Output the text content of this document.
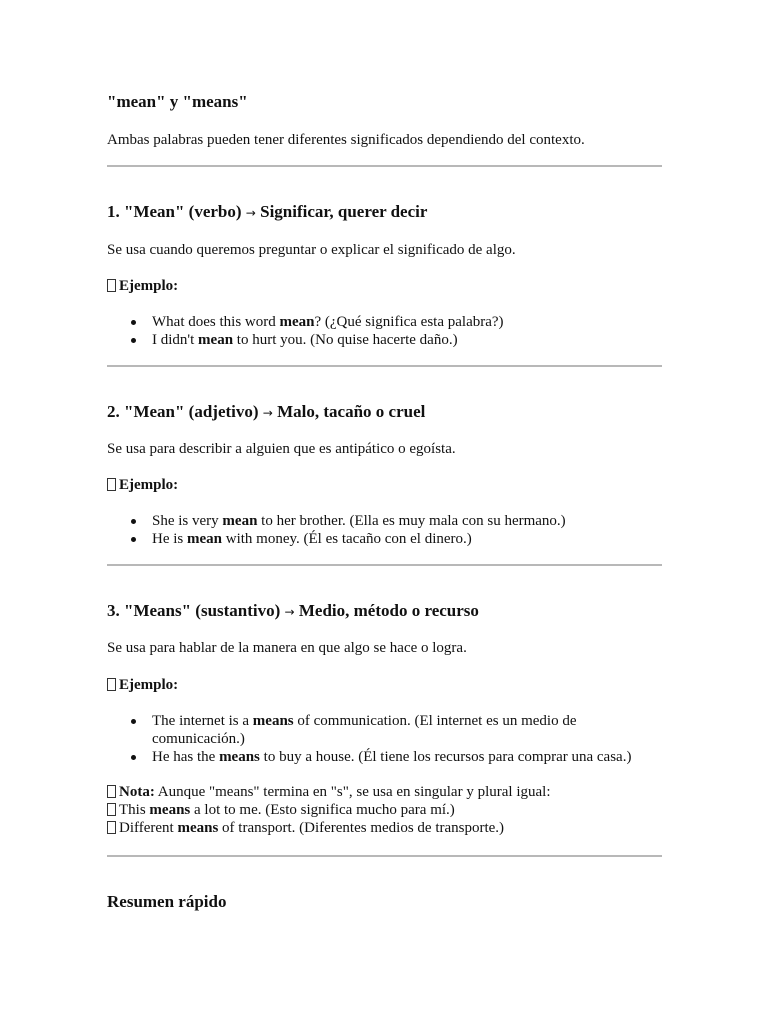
"mean" y "means"

Ambas palabras pueden tener diferentes significados dependiendo del contexto.

1. "Mean" (verbo) → Significar, querer decir

Se usa cuando queremos preguntar o explicar el significado de algo.

Ejemplo:

What does this word mean? (¿Qué significa esta palabra?)
I didn't mean to hurt you. (No quise hacerte daño.)
2. "Mean" (adjetivo) → Malo, tacaño o cruel

Se usa para describir a alguien que es antipático o egoísta.

Ejemplo:

She is very mean to her brother. (Ella es muy mala con su hermano.)
He is mean with money. (Él es tacaño con el dinero.)
3. "Means" (sustantivo) → Medio, método o recurso

Se usa para hablar de la manera en que algo se hace o logra.

Ejemplo:

The internet is a means of communication. (El internet es un medio de comunicación.)
He has the means to buy a house. (Él tiene los recursos para comprar una casa.)

Nota: Aunque "means" termina en "s", se usa en singular y plural igual:
This means a lot to me. (Esto significa mucho para mí.)
Different means of transport. (Diferentes medios de transporte.)

Resumen rápido
